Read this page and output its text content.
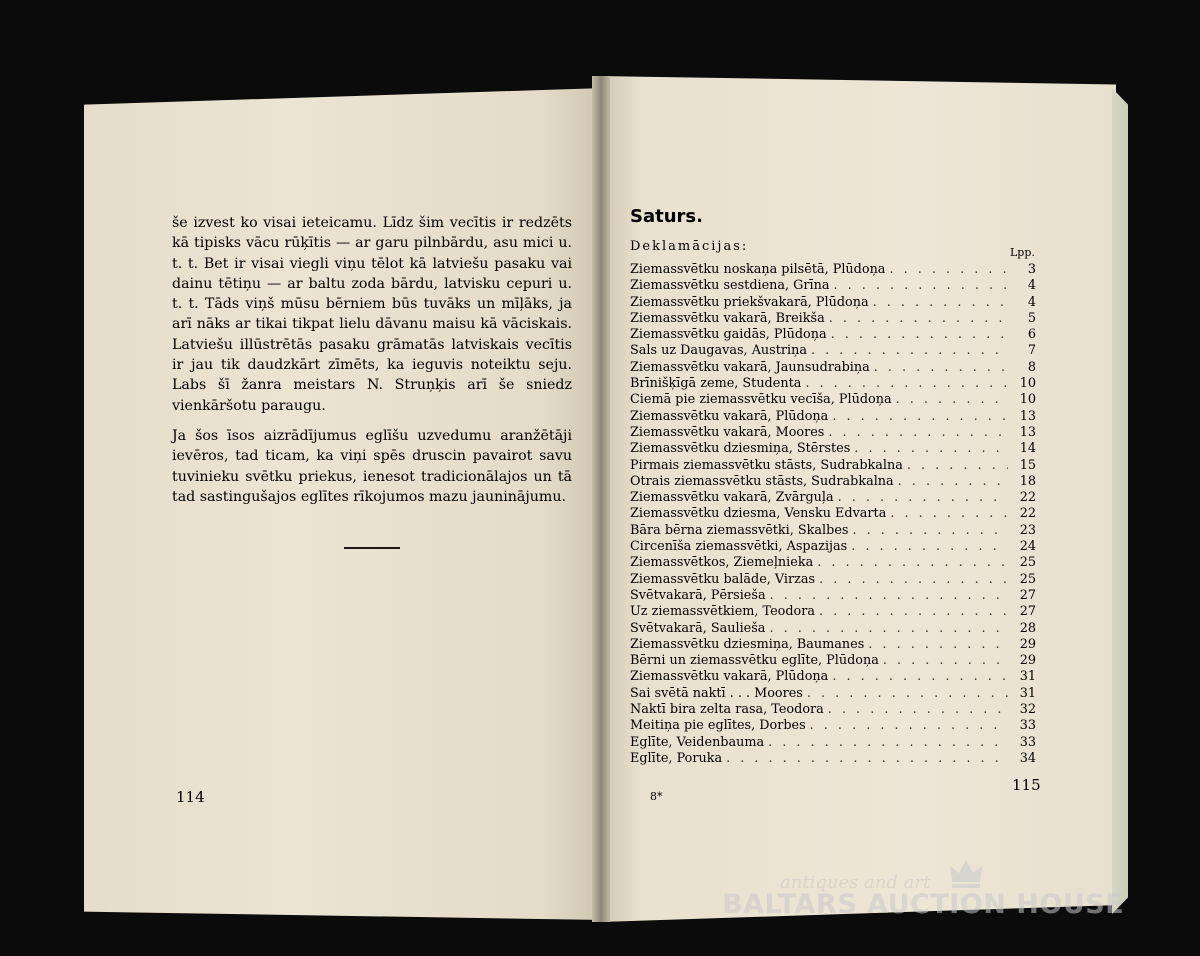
še izvest ko visai ieteicamu. Līdz šim vecītis ir redzēts kā tipisks vācu rūķītis — ar garu pilnbārdu, asu mici u. t. t. Bet ir visai viegli viņu tēlot kā latviešu pasaku vai dainu tētiņu — ar baltu zoda bārdu, latvisku cepuri u. t. t. Tāds viņš mūsu bērniem būs tuvāks un mīļāks, ja arī nāks ar tikai tikpat lielu dāvanu maisu kā vāciskais. Latviešu illūstrētās pasaku grāmatās latviskais vecītis ir jau tik daudzkārt zīmēts, ka ieguvis noteiktu seju. Labs šī žanra meistars N. Struņķis arī še sniedz vienkāršotu paraugu.

Ja šos īsos aizrādījumus eglīšu uzvedumu aranžētāji ievēros, tad ticam, ka viņi spēs druscin pavairot savu tuvinieku svētku priekus, ienesot tradicionālajos un tā tad sastingušajos eglītes rīkojumos mazu jauninājumu.

114
Saturs.
Deklamācijas:	Lpp.
Ziemassvētku noskaņa pilsētā, Plūdoņa . . .	3
Ziemassvētku sestdiena, Grīna . . .	4
Ziemassvētku priekšvakarā, Plūdoņa . . .	4
Ziemassvētku vakarā, Breikša . . .	5
Ziemassvētku gaidās, Plūdoņa . . .	6
Sals uz Daugavas, Austriņa . . .	7
Ziemassvētku vakarā, Jaunsudrabiņa . . .	8
Brīnišķīgā zeme, Studenta . . .	10
Ciemā pie ziemassvētku vecīša, Plūdoņa . . .	10
Ziemassvētku vakarā, Plūdoņa . . .	13
Ziemassvētku vakarā, Moores . . .	13
Ziemassvētku dziesmiņa, Stērstes . . .	14
Pirmais ziemassvētku stāsts, Sudrabkalna . . .	15
Otrais ziemassvētku stāsts, Sudrabkalna . . .	18
Ziemassvētku vakarā, Zvārguļa . . .	22
Ziemassvētku dziesma, Vensku Edvarta . . .	22
Bāra bērna ziemassvētki, Skalbes . . .	23
Circenīša ziemassvētki, Aspazijas . . .	24
Ziemassvētkos, Ziemeļnieka . . .	25
Ziemassvētku balāde, Virzas . . .	25
Svētvakarā, Pērsieša . . .	27
Uz ziemassvētkiem, Teodora . . .	27
Svētvakarā, Saulieša . . .	28
Ziemassvētku dziesmiņa, Baumanes . . .	29
Bērni un ziemassvētku eglīte, Plūdoņa . . .	29
Ziemassvētku vakarā, Plūdoņa . . .	31
Sai svētā naktī . . . Moores . . .	31
Naktī bira zelta rasa, Teodora . . .	32
Meitiņa pie eglītes, Dorbes . . .	33
Eglīte, Veidenbauma . . .	33
Eglīte, Poruka . . .	34
8*
115
antiques and art
BALTARS AUCTION HOUSE
